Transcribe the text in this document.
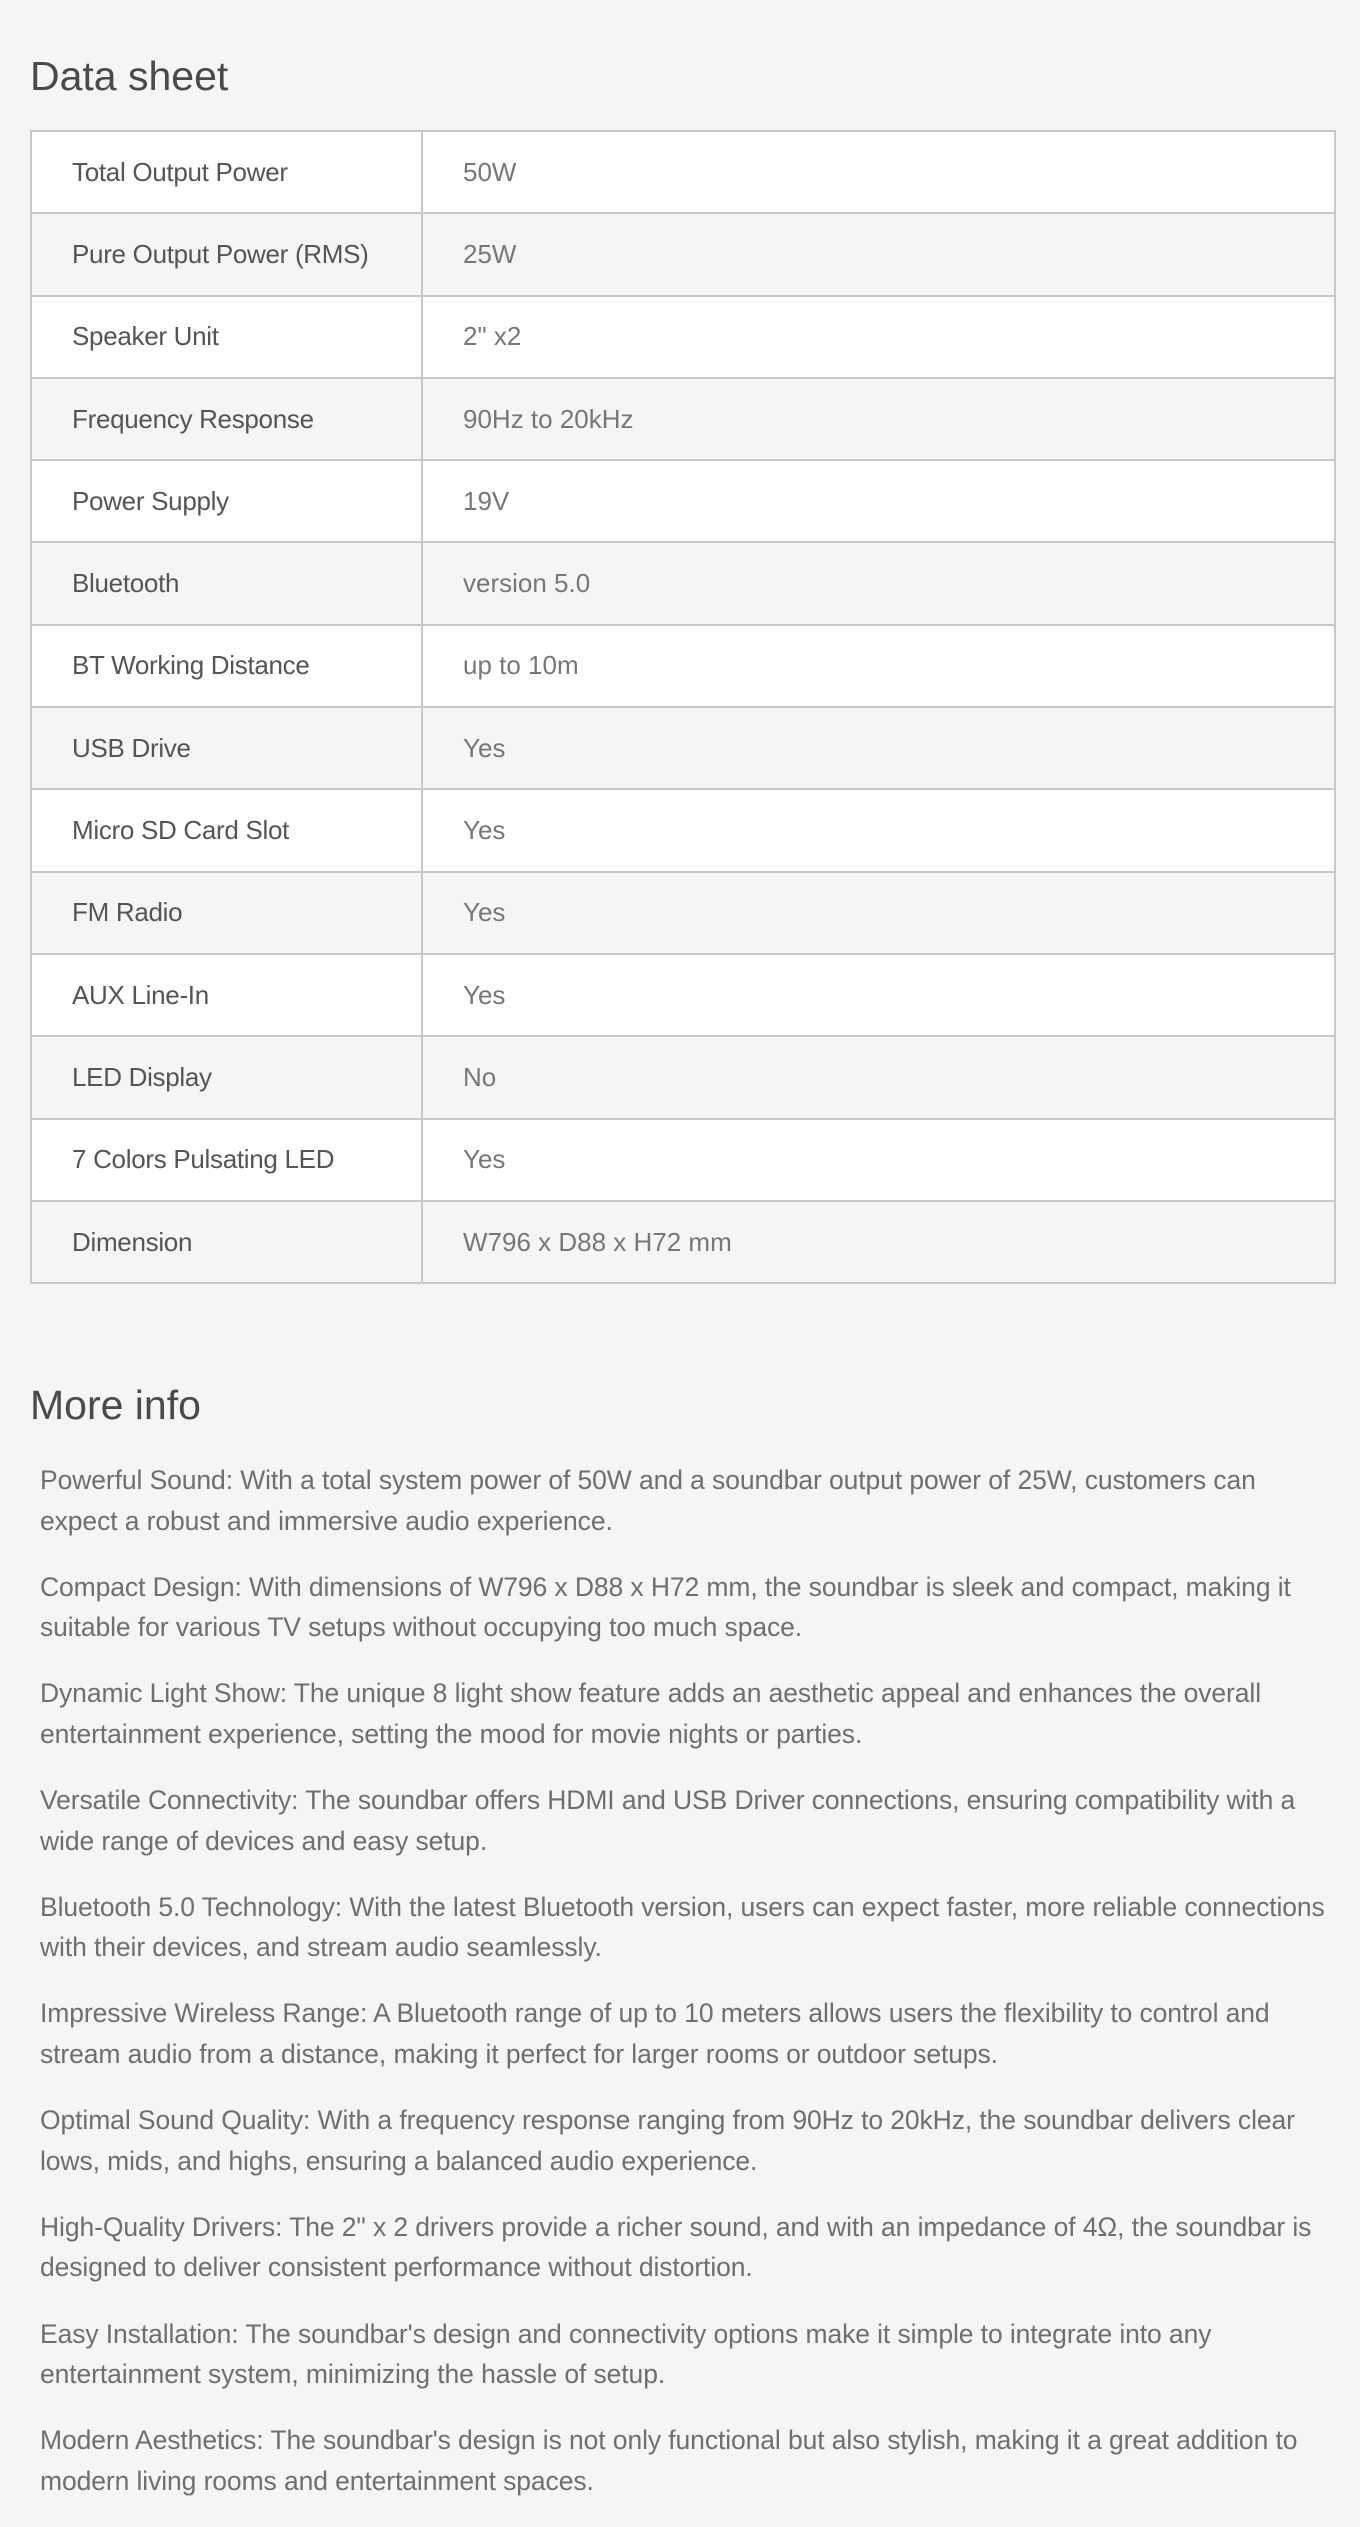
Data sheet
Total Output Power	50W
Pure Output Power (RMS)	25W
Speaker Unit	2" x2
Frequency Response	90Hz to 20kHz
Power Supply	19V
Bluetooth	version 5.0
BT Working Distance	up to 10m
USB Drive	Yes
Micro SD Card Slot	Yes
FM Radio	Yes
AUX Line-In	Yes
LED Display	No
7 Colors Pulsating LED	Yes
Dimension	W796 x D88 x H72 mm
More info

Powerful Sound: With a total system power of 50W and a soundbar output power of 25W, customers can expect a robust and immersive audio experience.

Compact Design: With dimensions of W796 x D88 x H72 mm, the soundbar is sleek and compact, making it suitable for various TV setups without occupying too much space.

Dynamic Light Show: The unique 8 light show feature adds an aesthetic appeal and enhances the overall entertainment experience, setting the mood for movie nights or parties.

Versatile Connectivity: The soundbar offers HDMI and USB Driver connections, ensuring compatibility with a wide range of devices and easy setup.

Bluetooth 5.0 Technology: With the latest Bluetooth version, users can expect faster, more reliable connections with their devices, and stream audio seamlessly.

Impressive Wireless Range: A Bluetooth range of up to 10 meters allows users the flexibility to control and stream audio from a distance, making it perfect for larger rooms or outdoor setups.

Optimal Sound Quality: With a frequency response ranging from 90Hz to 20kHz, the soundbar delivers clear lows, mids, and highs, ensuring a balanced audio experience.

High-Quality Drivers: The 2" x 2 drivers provide a richer sound, and with an impedance of 4Ω, the soundbar is designed to deliver consistent performance without distortion.

Easy Installation: The soundbar's design and connectivity options make it simple to integrate into any entertainment system, minimizing the hassle of setup.

Modern Aesthetics: The soundbar's design is not only functional but also stylish, making it a great addition to modern living rooms and entertainment spaces.
